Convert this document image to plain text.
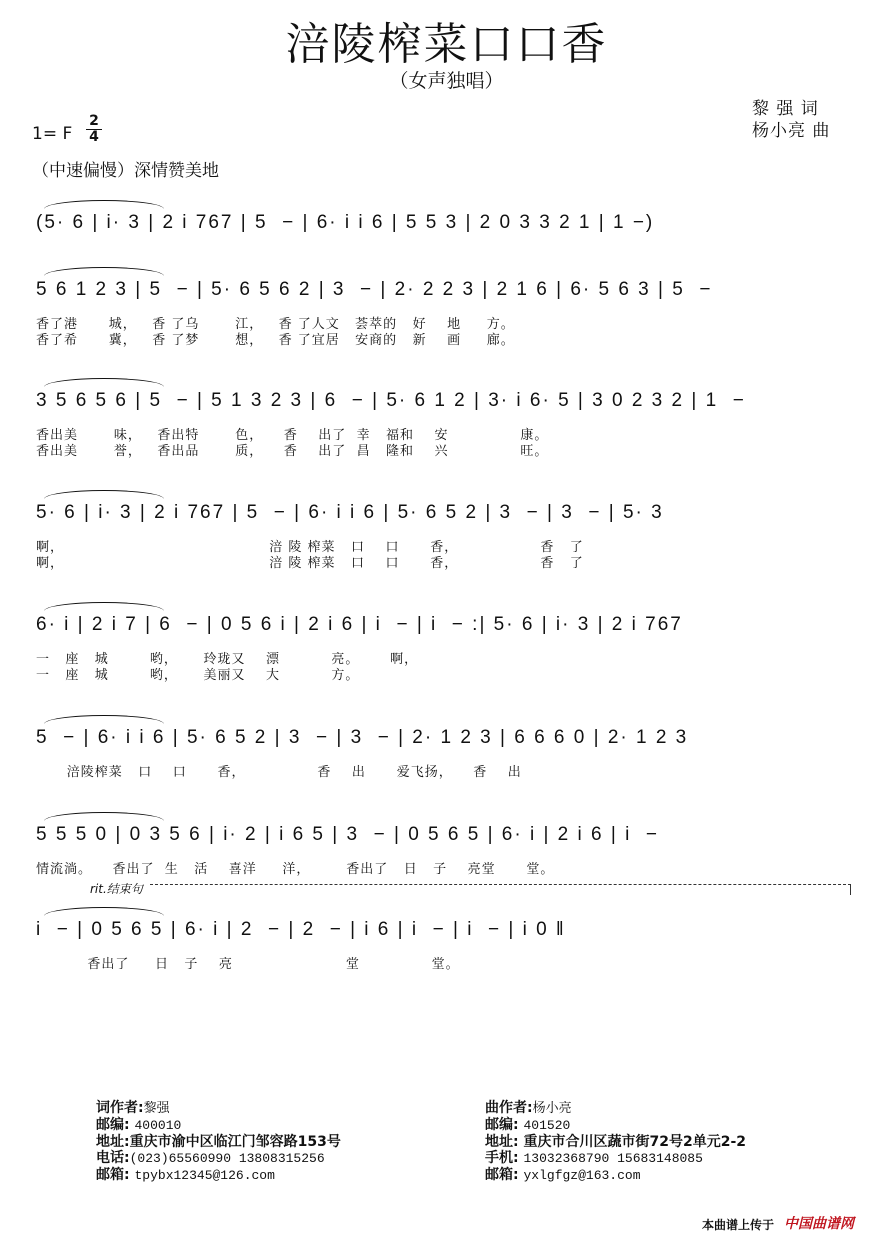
涪陵榨菜口口香
（女声独唱）
1= F
2
4
黎 强 词
杨小亮 曲
（中速偏慢）深情赞美地
(5· 6 | i· 3 | 2 i 767 | 5  − | 6· i i 6 | 5 5 3 | 2 0 3 3 2 1 | 1 −)
5 6 1 2 3 | 5  − | 5· 6 5 6 2 | 3  − | 2· 2 2 3 | 2 1 6 | 6· 5 6 3 | 5  −
香了港      城，   香 了乌       江，   香 了人文   荟萃的   好    地     方。
香了希      冀，   香 了梦       想，   香 了宜居   安商的   新    画     廊。
3 5 6 5 6 | 5  − | 5 1 3 2 3 | 6  − | 5· 6 1 2 | 3· i 6· 5 | 3 0 2 3 2 | 1  −
香出美       味，   香出特       色，    香    出了  幸   福和    安              康。
香出美       誉，   香出品       质，    香    出了  昌   隆和    兴              旺。
5· 6 | i· 3 | 2 i 767 | 5  − | 6· i i 6 | 5· 6 5 2 | 3  − | 3  − | 5· 3
啊，                                        涪 陵 榨菜   口    口      香，                香   了
啊，                                        涪 陵 榨菜   口    口      香，                香   了
6· i | 2 i 7 | 6  − | 0 5 6 i | 2 i 6 | i  − | i  − :| 5· 6 | i· 3 | 2 i 767
一   座   城        哟，     玲珑又    漂          亮。      啊，
一   座   城        哟，     美丽又    大          方。
5  − | 6· i i 6 | 5· 6 5 2 | 3  − | 3  − | 2· 1 2 3 | 6 6 6 0 | 2· 1 2 3
涪陵榨菜   口    口      香，              香    出      爱飞扬，    香    出
5 5 5 0 | 0 3 5 6 | i· 2 | i 6 5 | 3  − | 0 5 6 5 | 6· i | 2 i 6 | i  −
情流淌。    香出了  生   活    喜洋     洋，       香出了   日   子    亮堂      堂。
i  − | 0 5 6 5 | 6· i | 2  − | 2  − | i 6 | i  − | i  − | i 0 ‖
香出了     日   子    亮                      堂              堂。
rit.结束句
词作者:黎强
邮编: 400010
地址:重庆市渝中区临江门邹容路153号
电话:(023)65560990 13808315256
邮箱: tpybx12345@126.com
曲作者:杨小亮
邮编: 401520
地址: 重庆市合川区蔬市街72号2单元2-2
手机: 13032368790 15683148085
邮箱: yxlgfgz@163.com
本曲谱上传于 中国曲谱网
